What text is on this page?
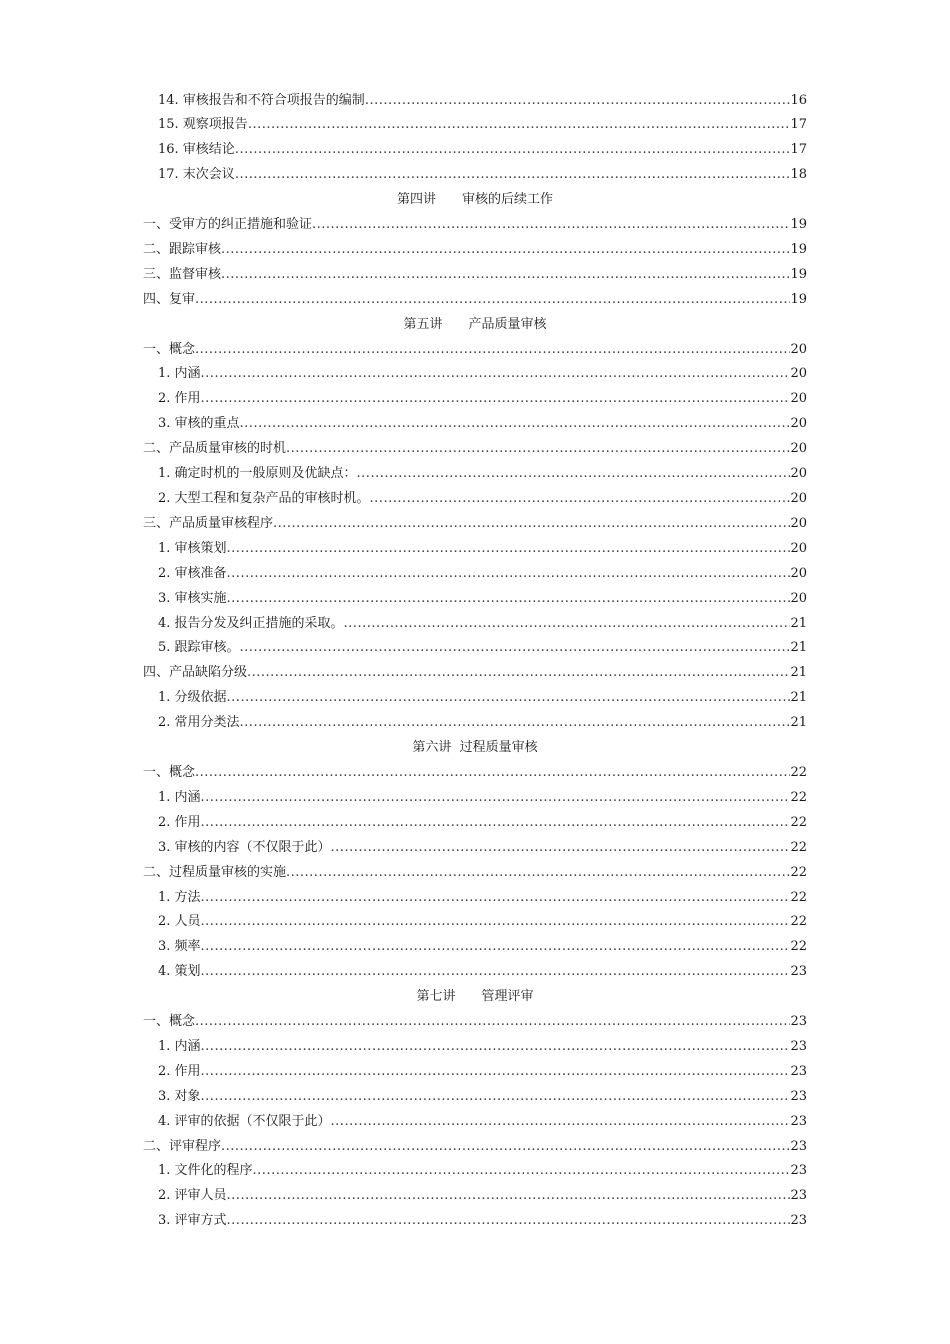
14. 审核报告和不符合项报告的编制 .....	16
15. 观察项报告 .....	17
16. 审核结论 .....	17
17. 末次会议 .....	18
第四讲　　审核的后续工作
一、受审方的纠正措施和验证 .....	19
二、跟踪审核 .....	19
三、监督审核 .....	19
四、复审 .....	19
第五讲　　产品质量审核
一、概念 .....	20
1. 内涵 .....	20
2. 作用 .....	20
3. 审核的重点 .....	20
二、产品质量审核的时机 .....	20
1. 确定时机的一般原则及优缺点： .....	20
2. 大型工程和复杂产品的审核时机。 .....	20
三、产品质量审核程序 .....	20
1. 审核策划 .....	20
2. 审核准备 .....	20
3. 审核实施 .....	20
4. 报告分发及纠正措施的采取。 .....	21
5. 跟踪审核。 .....	21
四、产品缺陷分级 .....	21
1. 分级依据 .....	21
2. 常用分类法 .....	21
第六讲  过程质量审核
一、概念 .....	22
1. 内涵 .....	22
2. 作用 .....	22
3. 审核的内容（不仅限于此） .....	22
二、过程质量审核的实施 .....	22
1. 方法 .....	22
2. 人员 .....	22
3. 频率 .....	22
4. 策划 .....	23
第七讲　　管理评审
一、概念 .....	23
1. 内涵 .....	23
2. 作用 .....	23
3. 对象 .....	23
4. 评审的依据（不仅限于此） .....	23
二、评审程序 .....	23
1. 文件化的程序 .....	23
2. 评审人员 .....	23
3. 评审方式 .....	23
